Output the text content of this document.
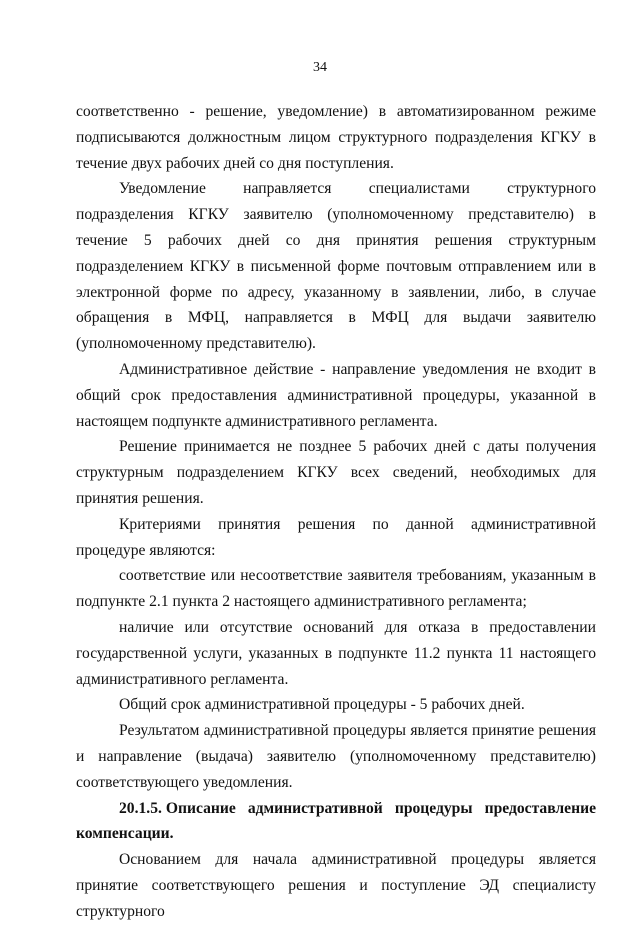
34

соответственно - решение, уведомление) в автоматизированном режиме подписываются должностным лицом структурного подразделения КГКУ в течение двух рабочих дней со дня поступления.

Уведомление направляется специалистами структурного подразделения КГКУ заявителю (уполномоченному представителю) в течение 5 рабочих дней со дня принятия решения структурным подразделением КГКУ в письменной форме почтовым отправлением или в электронной форме по адресу, указанному в заявлении, либо, в случае обращения в МФЦ, направляется в МФЦ для выдачи заявителю (уполномоченному представителю).

Административное действие - направление уведомления не входит в общий срок предоставления административной процедуры, указанной в настоящем подпункте административного регламента.

Решение принимается не позднее 5 рабочих дней с даты получения структурным подразделением КГКУ всех сведений, необходимых для принятия решения.

Критериями принятия решения по данной административной процедуре являются:

соответствие или несоответствие заявителя требованиям, указанным в подпункте 2.1 пункта 2 настоящего административного регламента;

наличие или отсутствие оснований для отказа в предоставлении государственной услуги, указанных в подпункте 11.2 пункта 11 настоящего административного регламента.

Общий срок административной процедуры - 5 рабочих дней.

Результатом административной процедуры является принятие решения и направление (выдача) заявителю (уполномоченному представителю) соответствующего уведомления.

20.1.5. Описание административной процедуры предоставление компенсации.

Основанием для начала административной процедуры является принятие соответствующего решения и поступление ЭД специалисту структурного
